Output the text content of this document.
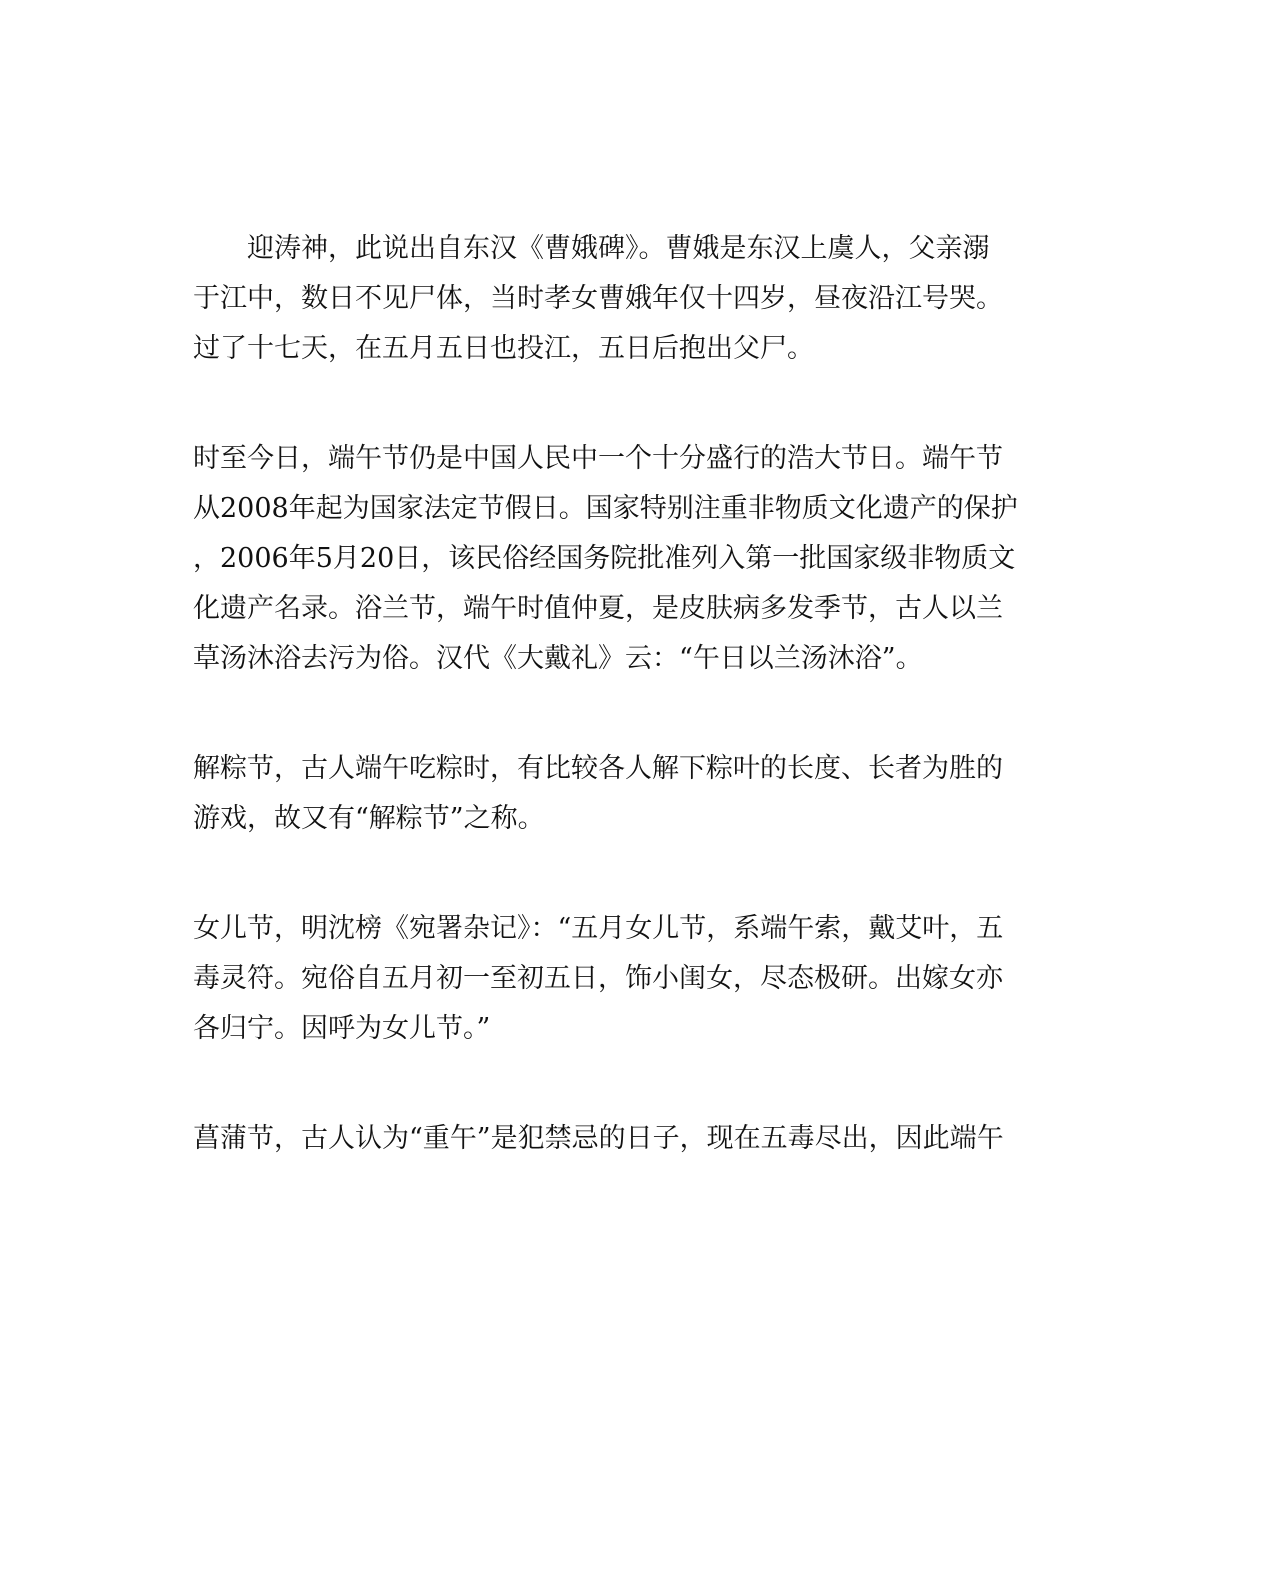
　　迎涛神，此说出自东汉《曹娥碑》。曹娥是东汉上虞人，父亲溺
于江中，数日不见尸体，当时孝女曹娥年仅十四岁，昼夜沿江号哭。
过了十七天，在五月五日也投江，五日后抱出父尸。
时至今日，端午节仍是中国人民中一个十分盛行的浩大节日。端午节
从2008年起为国家法定节假日。国家特别注重非物质文化遗产的保护
，2006年5月20日，该民俗经国务院批准列入第一批国家级非物质文
化遗产名录。浴兰节，端午时值仲夏，是皮肤病多发季节，古人以兰
草汤沐浴去污为俗。汉代《大戴礼》云：“午日以兰汤沐浴”。
解粽节，古人端午吃粽时，有比较各人解下粽叶的长度、长者为胜的
游戏，故又有“解粽节”之称。
女儿节，明沈榜《宛署杂记》：“五月女儿节，系端午索，戴艾叶，五
毒灵符。宛俗自五月初一至初五日，饰小闺女，尽态极研。出嫁女亦
各归宁。因呼为女儿节。”
菖蒲节，古人认为“重午”是犯禁忌的日子，现在五毒尽出，因此端午
